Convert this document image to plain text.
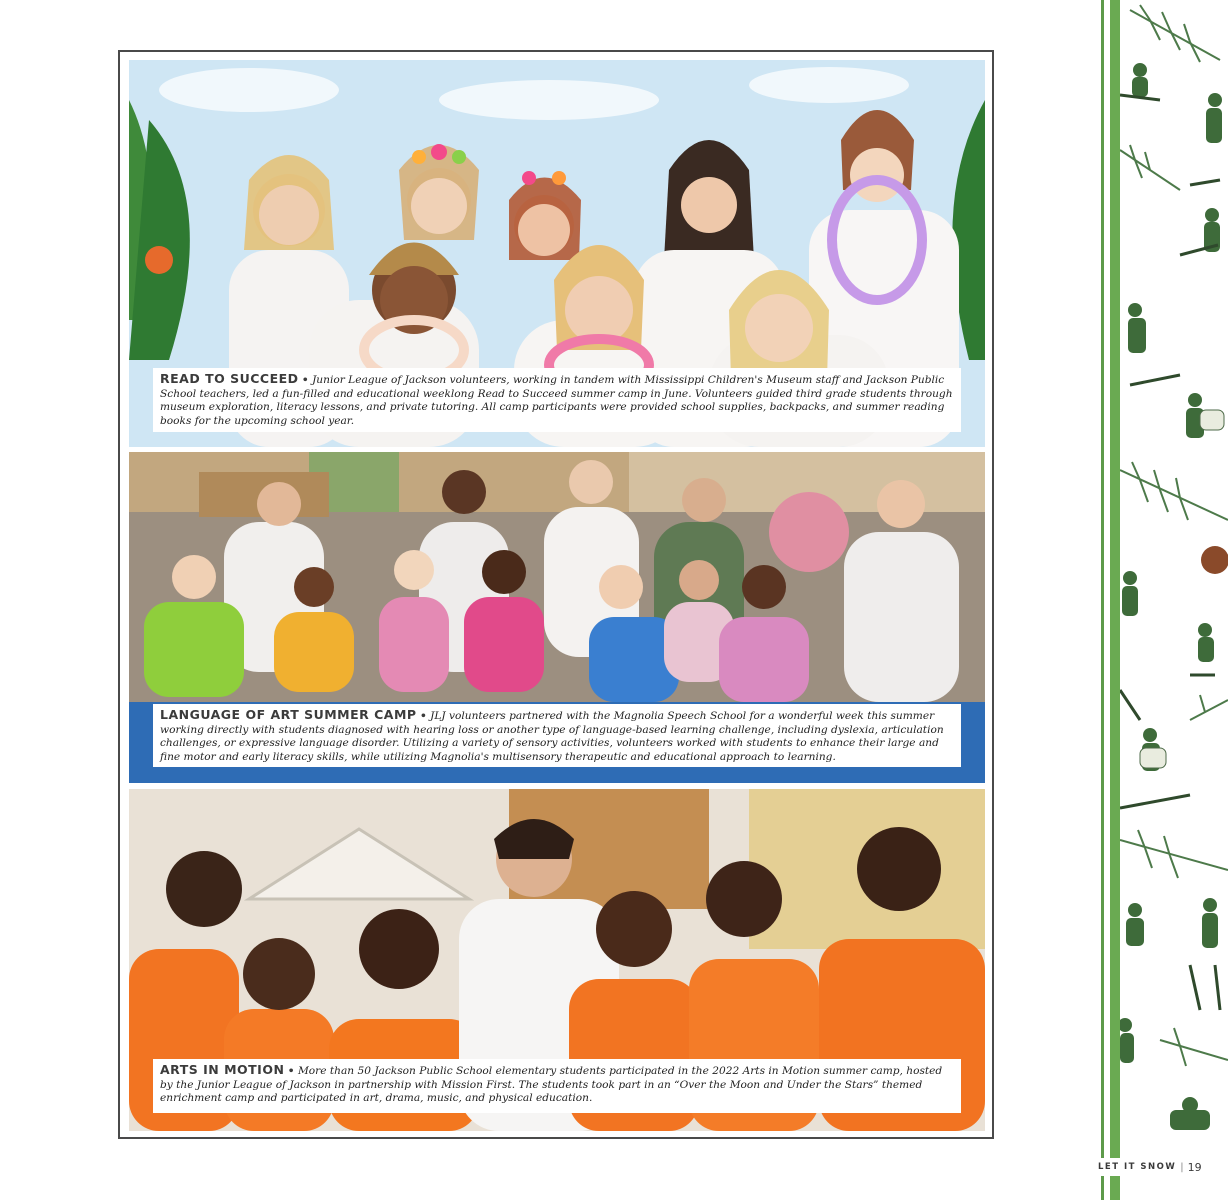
READ TO SUCCEED • Junior League of Jackson volunteers, working in tandem with Mississippi Children's Museum staff and Jackson Public School teachers, led a fun-filled and educational weeklong Read to Succeed summer camp in June. Volunteers guided third grade students through museum exploration, literacy lessons, and private tutoring. All camp participants were provided school supplies, backpacks, and summer reading books for the upcoming school year.
LANGUAGE OF ART SUMMER CAMP • JLJ volunteers partnered with the Magnolia Speech School for a wonderful week this summer working directly with students diagnosed with hearing loss or another type of language-based learning challenge, including dyslexia, articulation challenges, or expressive language disorder. Utilizing a variety of sensory activities, volunteers worked with students to enhance their large and fine motor and early literacy skills, while utilizing Magnolia's multisensory therapeutic and educational approach to learning.
ARTS IN MOTION • More than 50 Jackson Public School elementary students participated in the 2022 Arts in Motion summer camp, hosted by the Junior League of Jackson in partnership with Mission First. The students took part in an “Over the Moon and Under the Stars” themed enrichment camp and participated in art, drama, music, and physical education.
LET IT SNOW | 19
